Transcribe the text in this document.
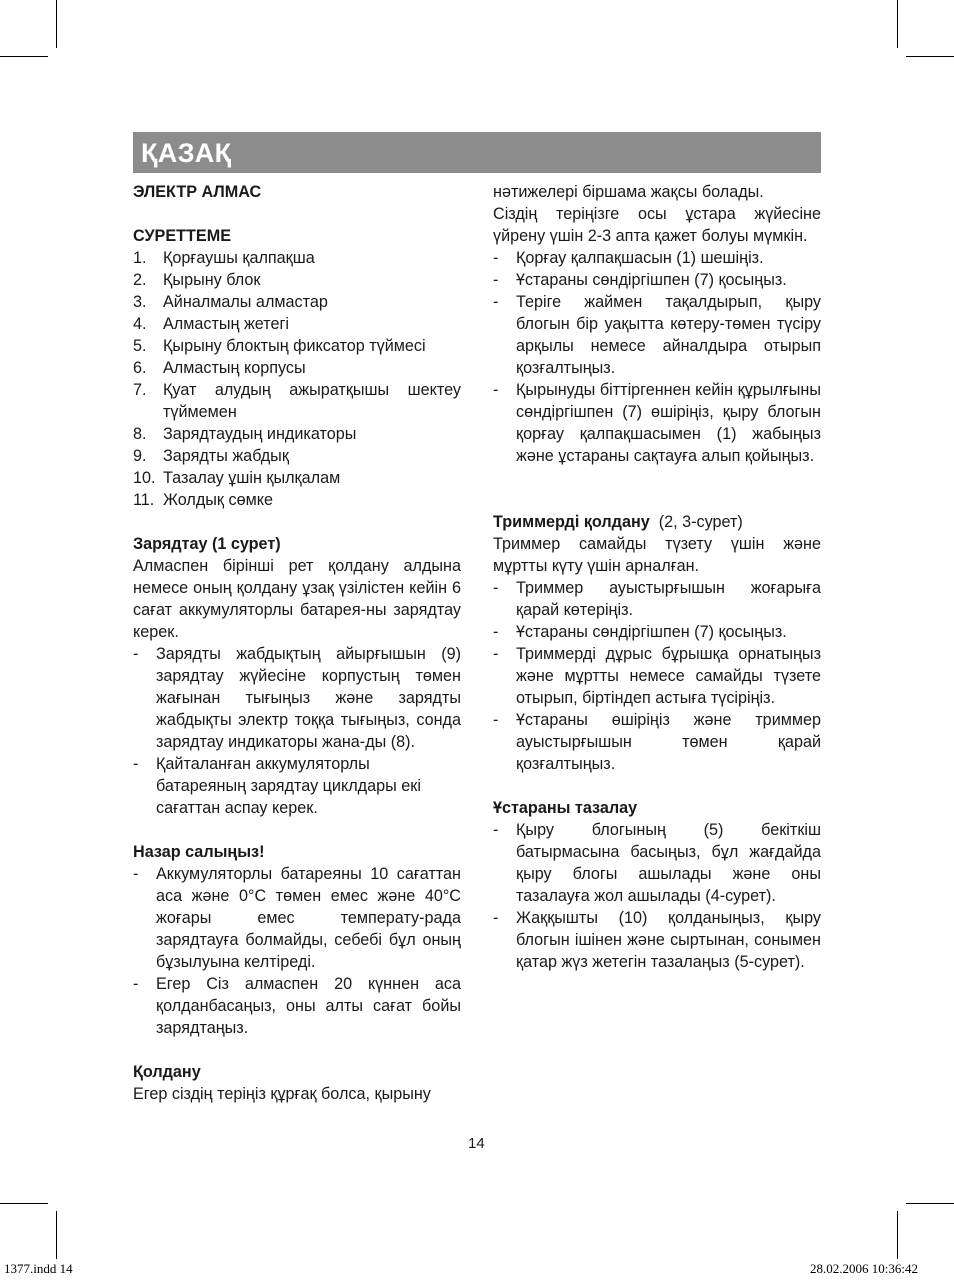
ҚАЗАҚ

ЭЛЕКТР АЛМАС

СУРЕТТЕМЕ

1.	Қорғаушы қалпақша
2.	Қырыну блок
3.	Айналмалы алмастар
4.	Алмастың жетегі
5.	Қырыну блоктың фиксатор түймесі
6.	Алмастың корпусы
7.	Қуат алудың ажыратқышы шектеу түймемен
8.	Зарядтаудың индикаторы
9.	Зарядты жабдық
10. Тазалау ұшін қылқалам
11. Жолдық сөмке

Зарядтау (1 сурет)

Алмаспен бірінші рет қолдану алдына немесе оның қолдану ұзақ үзілістен кейін 6 сағат аккумуляторлы батарея-ны зарядтау керек.

-	Зарядты жабдықтың айырғышын (9) зарядтау жүйесіне корпустың төмен жағынан тығыңыз және зарядты жабдықты электр тоққа тығыңыз, сонда зарядтау индикаторы жана-ды (8).
-	Қайталанған аккумуляторлы батареяның зарядтау циклдары екі сағаттан аспау керек.

Назар салыңыз!

-	Аккумуляторлы батареяны 10 сағаттан аса және 0°С төмен емес және 40°С жоғары емес температу-рада зарядтауға болмайды, себебі бұл оның бұзылуына келтіреді.
-	Егер Сіз алмаспен 20 күннен аса қолданбасаңыз, оны алты сағат бойы зарядтаңыз.

Қолдану

Егер сіздің теріңіз құрғақ болса, қырыну

нәтижелері біршама жақсы болады.

Сіздің теріңізге осы ұстара жүйесіне үйрену үшін 2-3 апта қажет болуы мүмкін.

-	Қорғау қалпақшасын (1) шешіңіз.
-	Ұстараны сөндіргішпен (7) қосыңыз.
-	Теріге жаймен тақалдырып, қыру блогын бір уақытта көтеру-төмен түсіру арқылы немесе айналдыра отырып қозғалтыңыз.
-	Қырынуды біттіргеннен кейін құрылғыны сөндіргішпен (7) өшіріңіз, қыру блогын қорғау қалпақшасымен (1) жабыңыз және ұстараны сақтауға алып қойыңыз.

Триммерді қолдану (2, 3-сурет)

Триммер самайды түзету үшін және мұртты күту үшін арналған.

-	Триммер ауыстырғышын жоғарыға қарай көтеріңіз.
-	Ұстараны сөндіргішпен (7) қосыңыз.
-	Триммерді дұрыс бұрышқа орнатыңыз және мұртты немесе самайды түзете отырып, біртіндеп астыға түсіріңіз.
-	Ұстараны өшіріңіз және триммер ауыстырғышын төмен қарай қозғалтыңыз.

Ұстараны тазалау

-	Қыру блогының (5) бекіткіш батырмасына басыңыз, бұл жағдайда қыру блогы ашылады және оны тазалауға жол ашылады (4-сурет).
-	Жаққышты (10) қолданыңыз, қыру блогын ішінен және сыртынан, сонымен қатар жүз жетегін тазалаңыз (5-сурет).
14
1377.indd 14	28.02.2006 10:36:42
